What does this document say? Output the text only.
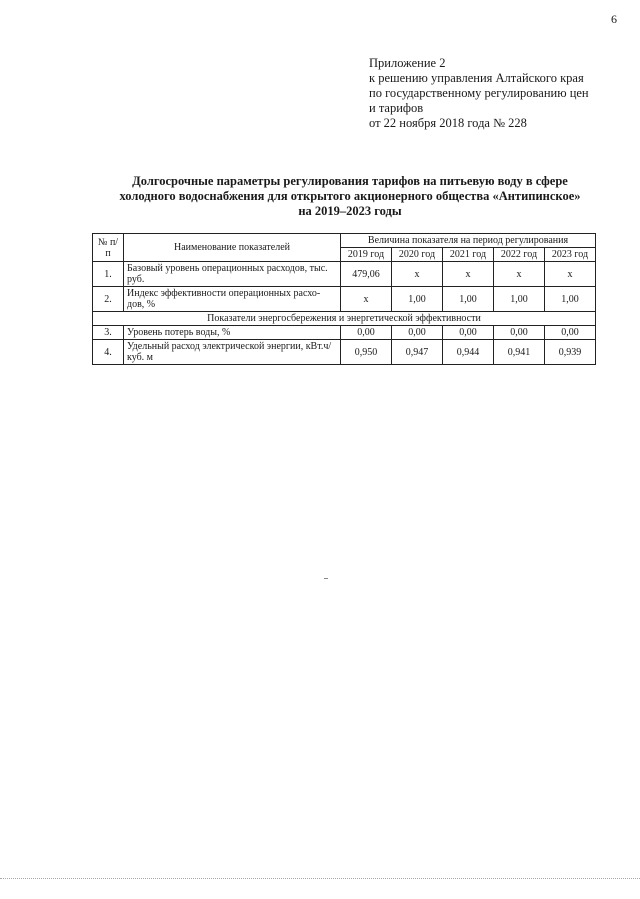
6
Приложение 2
к решению управления Алтайского края
по государственному регулированию цен
и тарифов
от 22 ноября 2018 года № 228
Долгосрочные параметры регулирования тарифов на питьевую воду в сфере
холодного водоснабжения для открытого акционерного общества «Антипинское»
на 2019–2023 годы
№ п/п	Наименование показателей	Величина показателя на период регулирования				
		2019 год	2020 год	2021 год	2022 год	2023 год
1.	Базовый уровень операционных расходов, тыс. руб.	479,06	х	х	х	х
2.	Индекс эффективности операционных расхо-дов, %	х	1,00	1,00	1,00	1,00
Показатели энергосбережения и энергетической эффективности						
3.	Уровень потерь воды, %	0,00	0,00	0,00	0,00	0,00
4.	Удельный расход электрической энергии, кВт.ч/куб. м	0,950	0,947	0,944	0,941	0,939
